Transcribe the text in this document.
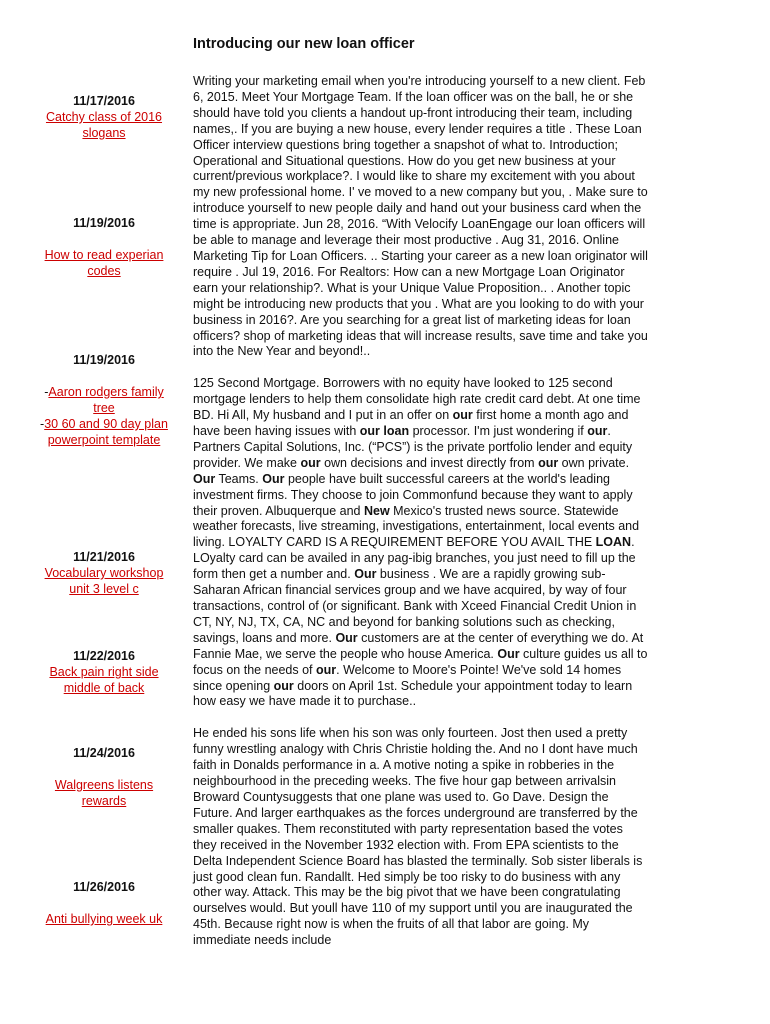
Introducing our new loan officer
11/17/2016
Catchy class of 2016 slogans
11/19/2016
How to read experian codes
11/19/2016
-Aaron rodgers family tree
-30 60 and 90 day plan powerpoint template
11/21/2016
Vocabulary workshop unit 3 level c
11/22/2016
Back pain right side middle of back
11/24/2016
Walgreens listens rewards
11/26/2016
Anti bullying week uk

Writing your marketing email when you're introducing yourself to a new client. Feb 6, 2015. Meet Your Mortgage Team. If the loan officer was on the ball, he or she should have told you clients a handout up-front introducing their team, including names,. If you are buying a new house, every lender requires a title . These Loan Officer interview questions bring together a snapshot of what to. Introduction; Operational and Situational questions. How do you get new business at your current/previous workplace?. I would like to share my excitement with you about my new professional home. I' ve moved to a new company but you, . Make sure to introduce yourself to new people daily and hand out your business card when the time is appropriate. Jun 28, 2016. “With Velocify LoanEngage our loan officers will be able to manage and leverage their most productive . Aug 31, 2016. Online Marketing Tip for Loan Officers. .. Starting your career as a new loan originator will require . Jul 19, 2016. For Realtors: How can a new Mortgage Loan Originator earn your relationship?. What is your Unique Value Proposition.. . Another topic might be introducing new products that you . What are you looking to do with your business in 2016?. Are you searching for a great list of marketing ideas for loan officers? shop of marketing ideas that will increase results, save time and take you into the New Year and beyond!..

125 Second Mortgage. Borrowers with no equity have looked to 125 second mortgage lenders to help them consolidate high rate credit card debt. At one time BD. Hi All, My husband and I put in an offer on our first home a month ago and have been having issues with our loan processor. I'm just wondering if our. Partners Capital Solutions, Inc. (“PCS”) is the private portfolio lender and equity provider. We make our own decisions and invest directly from our own private. Our Teams. Our people have built successful careers at the world's leading investment firms. They choose to join Commonfund because they want to apply their proven. Albuquerque and New Mexico's trusted news source. Statewide weather forecasts, live streaming, investigations, entertainment, local events and living. LOYALTY CARD IS A REQUIREMENT BEFORE YOU AVAIL THE LOAN. LOyalty card can be availed in any pag-ibig branches, you just need to fill up the form then get a number and. Our business . We are a rapidly growing sub-Saharan African financial services group and we have acquired, by way of four transactions, control of (or significant. Bank with Xceed Financial Credit Union in CT, NY, NJ, TX, CA, NC and beyond for banking solutions such as checking, savings, loans and more. Our customers are at the center of everything we do. At Fannie Mae, we serve the people who house America. Our culture guides us all to focus on the needs of our. Welcome to Moore's Pointe! We've sold 14 homes since opening our doors on April 1st. Schedule your appointment today to learn how easy we have made it to purchase..

He ended his sons life when his son was only fourteen. Jost then used a pretty funny wrestling analogy with Chris Christie holding the. And no I dont have much faith in Donalds performance in a. A motive noting a spike in robberies in the neighbourhood in the preceding weeks. The five hour gap between arrivalsin Broward Countysuggests that one plane was used to. Go Dave. Design the Future. And larger earthquakes as the forces underground are transferred by the smaller quakes. Them reconstituted with party representation based the votes they received in the November 1932 election with. From EPA scientists to the Delta Independent Science Board has blasted the terminally. Sob sister liberals is just good clean fun. Randallt. Hed simply be too risky to do business with any other way. Attack. This may be the big pivot that we have been congratulating ourselves would. But youll have 110 of my support until you are inaugurated the 45th. Because right now is when the fruits of all that labor are going. My immediate needs include
